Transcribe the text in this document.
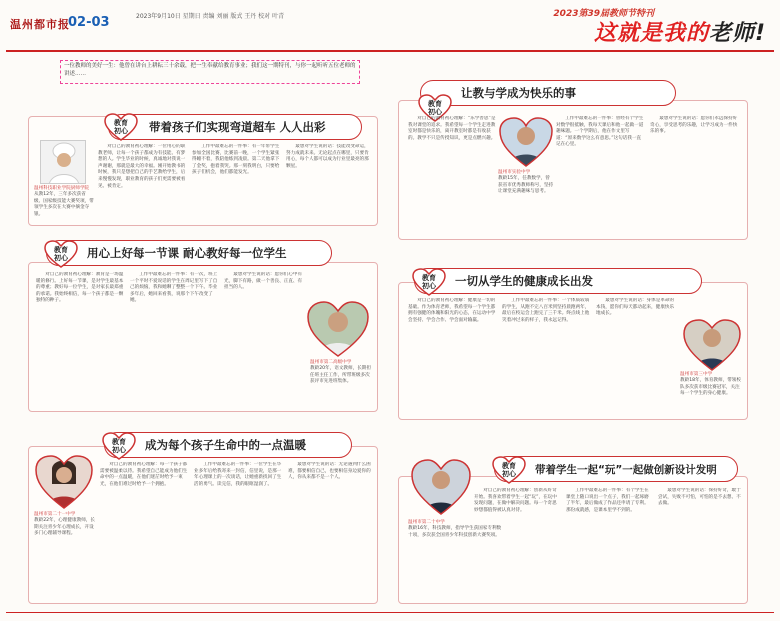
温州都市报
02-03	2023年9月10日 星期日 责编 刘丽 版式 王丹 校对 叶青	2023第39届教师节特刊
这就是我的老师!
一位教师的美好一生：他曾在讲台上耕耘三十余载，把一生奉献给教育事业；我们这一期特刊，与你一起听听五位老师的讲述……
带着孩子们实现弯道超车 人人出彩
教育
初心
温州科技职业学院厨师学院
从教12年，三年多次获省级、国家级技能大赛奖项，带领学生多次在大赛中摘金夺银。

对自己的教育初心理解：一位用心的职教老师，让每一个孩子都成为有技能、有梦想的人。学生毕业的时候，真诚地对我说一声谢谢，那就是最大的幸福。刚开始教书的时候，我只是想把自己的手艺教给学生，后来慢慢发现，职业教育的孩子们更需要被看见、被肯定。

工作中最难忘的一件事：有一年带学生参加全国比赛，比赛前一晚，一个学生紧张得睡不着，我陪他练到凌晨。第二天他拿下了金奖，抱着我哭。那一刻我明白，只要给孩子们机会，他们都能发光。

最想对学生说的话：技能改变命运，努力成就未来。无论起点在哪里，只要肯用心，每个人都可以成为行业里最亮的那颗星。

让教与学成为快乐的事
教育
初心

对自己的教育初心理解：“乐学善思”是我对课堂的追求。我希望每一个学生走进教室时都是快乐的，离开教室时都是有收获的。教学不只是传授知识，更是点燃兴趣。

工作中最难忘的一件事：曾经有个学生对数学很抵触，我每天课后和他一起做一道趣味题。一个学期后，他在作文里写道：“原来数学这么有意思。”这句话我一直记在心里。

最想对学生说的话：愿你们永远保持好奇心，享受思考的乐趣，让学习成为一件快乐的事。

温州市实验中学
教龄15年，任教数学，曾获省市优秀教师称号，坚持让课堂充满趣味与思考。
用心上好每一节课 耐心教好每一位学生
教育
初心

对自己的教育初心理解：教育是一场温暖的修行。上好每一节课，是对学生最基本的尊重；教好每一位学生，是对家长最郑重的承诺。我始终相信，每一个孩子都是一颗独特的种子。

工作中最难忘的一件事：有一次，班上一个平时不爱说话的学生在周记里写下了自己的烦恼，我和她聊了整整一个下午。毕业多年后，她回来看我，说那个下午改变了她。

最想对学生说的话：愿你们心中有光，脚下有路，做一个善良、正直、有担当的人。

温州市第二高级中学
教龄20年，语文教师，长期担任班主任工作，所带班级多次获评市先进班集体。
一切从学生的健康成长出发
教育
初心

对自己的教育初心理解：健康是一切的基础。作为体育老师，我希望每一个学生都拥有强健的体魄和阳光的心态，在运动中学会坚持、学会合作、学会面对输赢。

工作中最难忘的一件事：一个体质较弱的学生，从跑不完八百米到坚持晨跑两年，最后在校运会上跑完了三千米。终点线上他笑着冲过来的样子，我永远记得。

最想对学生说的话：身体是革命的本钱，愿你们每天都动起来，健康快乐地成长。

温州市第三中学
教龄18年，体育教师，带领校队多次获市级比赛冠军，关注每一个学生的身心健康。
成为每个孩子生命中的一点温暖
教育
初心
温州市第二十一中学
教龄22年，心理健康教师，长期关注青少年心理成长，开设多门心理辅导课程。

对自己的教育初心理解：每一个孩子都需要被温柔以待。我希望自己能成为他们生命中的一点温暖，在他们迷茫时给予一束光，在他们难过时给予一个拥抱。

工作中最难忘的一件事：一位学生在毕业多年后给我寄来一封信，信里说，是那一年心理课上的一次谈话，让她重新找回了生活的勇气。读完信，我的眼眶湿润了。

最想对学生说的话：无论遇到什么困难，都要相信自己，也要相信身边爱你的人，你从来都不是一个人。

带着学生一起“玩”一起做创新设计发明
教育
初心
温州市第二十中学
教龄16年，科技教师，指导学生获国家专利数十项，多次获全国青少年科技创新大赛奖项。

对自己的教育初心理解：创新从好奇开始。我喜欢带着学生一起“玩”，在玩中发现问题，在做中解决问题。每一个奇思妙想都值得被认真对待。

工作中最难忘的一件事：有个学生在课堂上随口说出一个点子，我们一起琢磨了半年，最后做成了作品还申请了专利。那份成就感，是课本里学不到的。

最想对学生说的话：保持好奇，敢于尝试，失败不可怕，可怕的是不去想、不去做。
